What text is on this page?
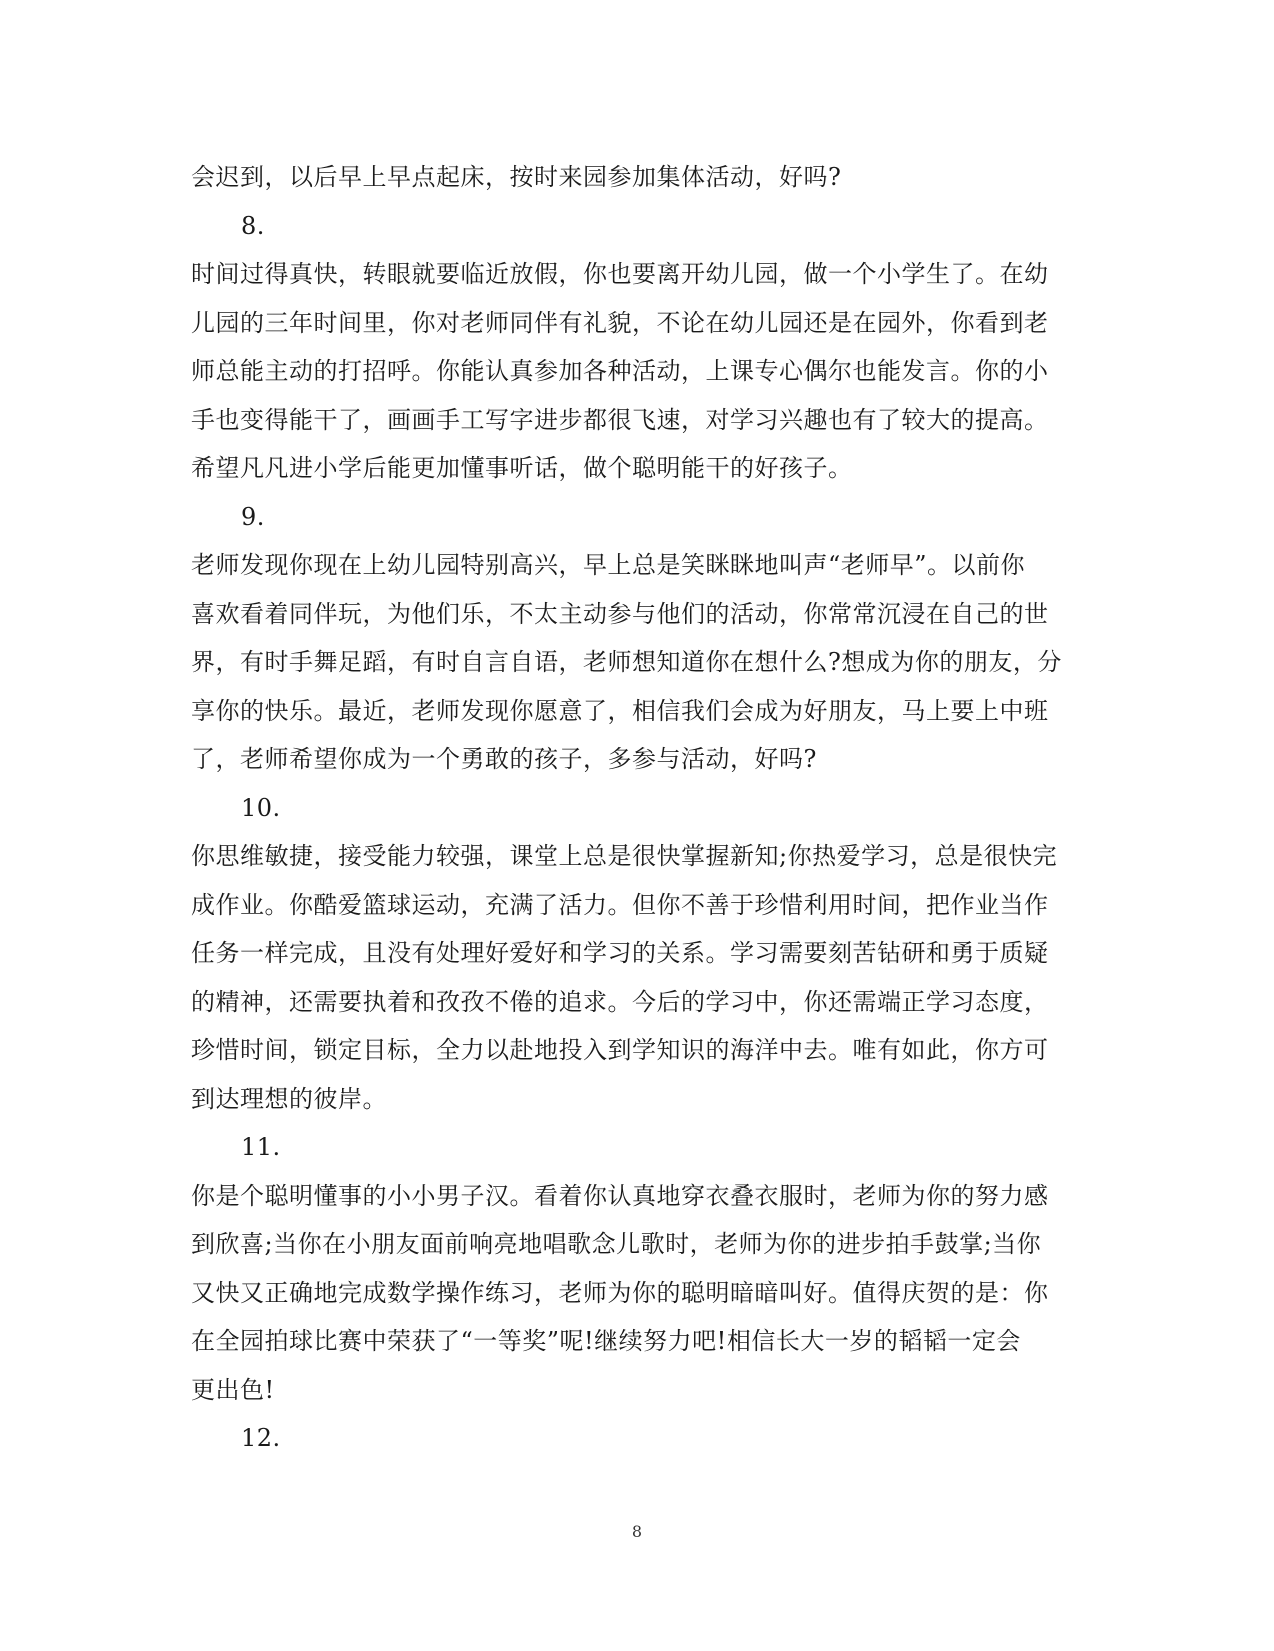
会迟到，以后早上早点起床，按时来园参加集体活动，好吗?
8.
时间过得真快，转眼就要临近放假，你也要离开幼儿园，做一个小学生了。在幼
儿园的三年时间里，你对老师同伴有礼貌，不论在幼儿园还是在园外，你看到老
师总能主动的打招呼。你能认真参加各种活动，上课专心偶尔也能发言。你的小
手也变得能干了，画画手工写字进步都很飞速，对学习兴趣也有了较大的提高。
希望凡凡进小学后能更加懂事听话，做个聪明能干的好孩子。
9.
老师发现你现在上幼儿园特别高兴，早上总是笑眯眯地叫声“老师早”。以前你
喜欢看着同伴玩，为他们乐，不太主动参与他们的活动，你常常沉浸在自己的世
界，有时手舞足蹈，有时自言自语，老师想知道你在想什么?想成为你的朋友，分
享你的快乐。最近，老师发现你愿意了，相信我们会成为好朋友，马上要上中班
了，老师希望你成为一个勇敢的孩子，多参与活动，好吗?
10.
你思维敏捷，接受能力较强，课堂上总是很快掌握新知;你热爱学习，总是很快完
成作业。你酷爱篮球运动，充满了活力。但你不善于珍惜利用时间，把作业当作
任务一样完成，且没有处理好爱好和学习的关系。学习需要刻苦钻研和勇于质疑
的精神，还需要执着和孜孜不倦的追求。今后的学习中，你还需端正学习态度，
珍惜时间，锁定目标，全力以赴地投入到学知识的海洋中去。唯有如此，你方可
到达理想的彼岸。
11.
你是个聪明懂事的小小男子汉。看着你认真地穿衣叠衣服时，老师为你的努力感
到欣喜;当你在小朋友面前响亮地唱歌念儿歌时，老师为你的进步拍手鼓掌;当你
又快又正确地完成数学操作练习，老师为你的聪明暗暗叫好。值得庆贺的是：你
在全园拍球比赛中荣获了“一等奖”呢!继续努力吧!相信长大一岁的韬韬一定会
更出色!
12.
8
